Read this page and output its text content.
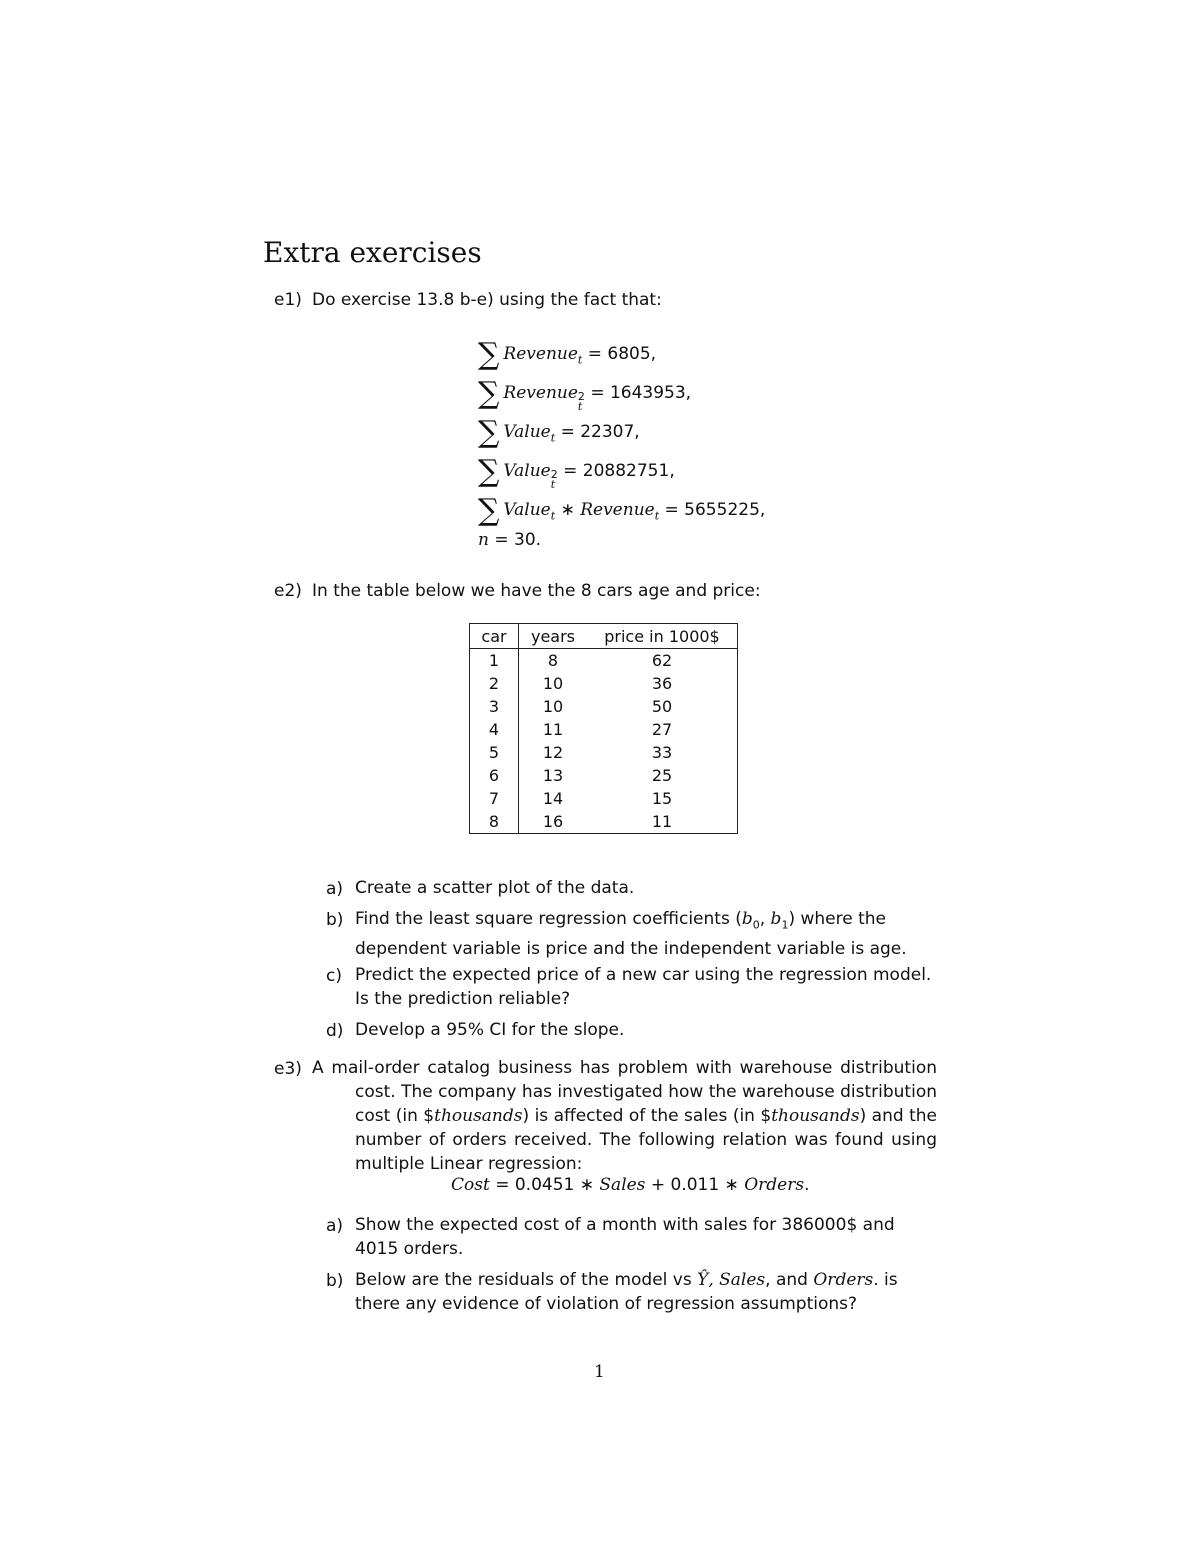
Extra exercises
e1) Do exercise 13.8 b-e) using the fact that:
∑ Revenue$_t$ = 6805,
∑ Revenue 2
t
= 1643953,
∑ Value$_t$ = 22307,
∑ Value 2
t
= 20882751,
∑ Value$_t$ ∗ Revenue$_t$ = 5655225,
n = 30.
e2) In the table below we have the 8 cars age and price:
car	years	price in 1000$
1	8	62
2	10	36
3	10	50
4	11	27
5	12	33
6	13	25
7	14	15
8	16	11
a) Create a scatter plot of the data.
b) Find the least square regression coefficients ($b_0$, $b_1$) where the dependent variable is price and the independent variable is age.
c) Predict the expected price of a new car using the regression model. Is the prediction reliable?
d) Develop a 95% CI for the slope.
e3) A mail-order catalog business has problem with warehouse distribution cost. The company has investigated how the warehouse distribution cost (in $thousands) is affected of the sales (in $thousands) and the number of orders received. The following relation was found using multiple Linear regression:
Cost = 0.0451 ∗ Sales + 0.011 ∗ Orders.
a) Show the expected cost of a month with sales for 386000$ and 4015 orders.
b) Below are the residuals of the model vs Ŷ, Sales, and Orders. is there any evidence of violation of regression assumptions?
1
